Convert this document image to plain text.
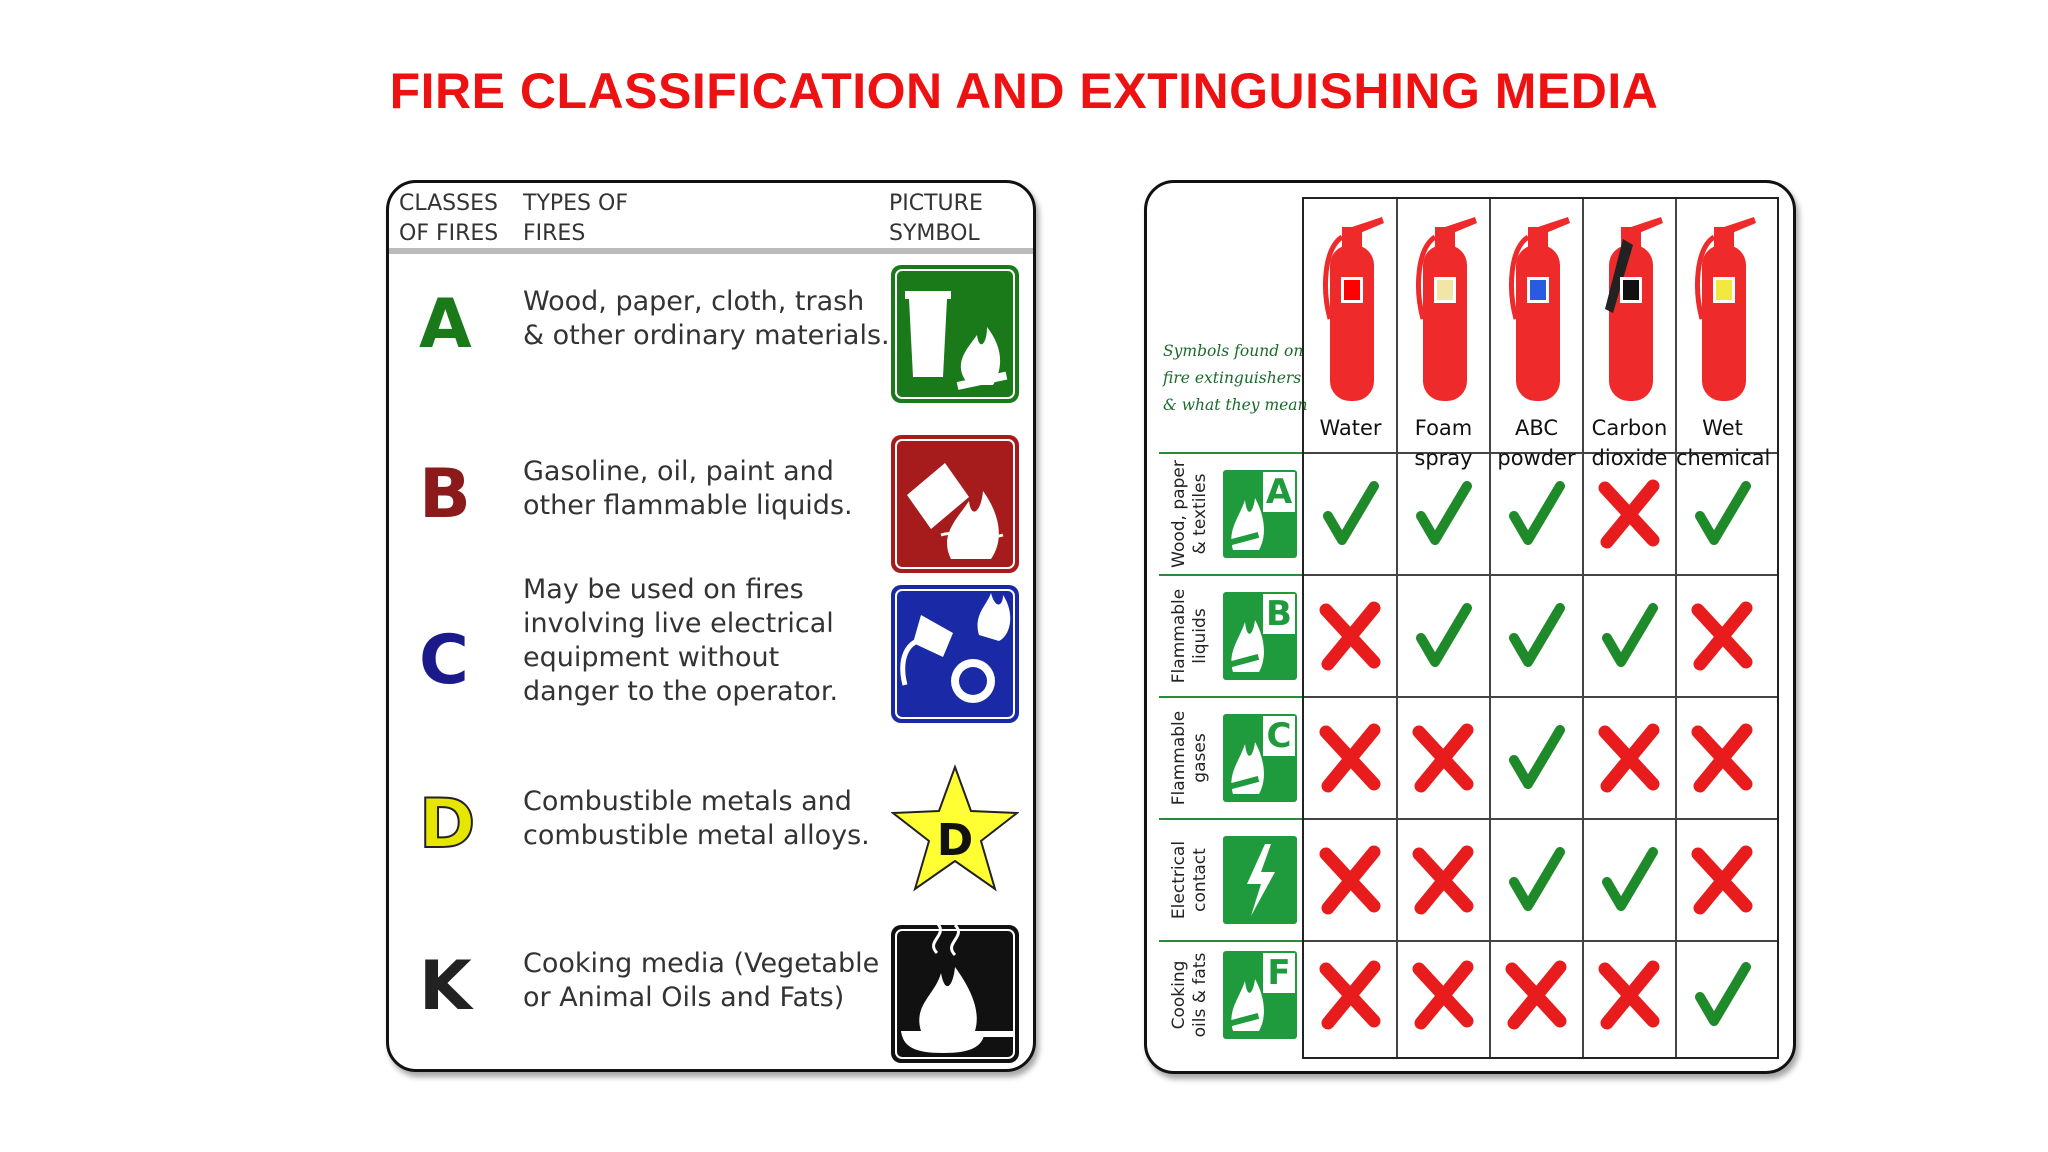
FIRE CLASSIFICATION AND EXTINGUISHING MEDIA
CLASSES
OF FIRES
TYPES OF
FIRES
PICTURE
SYMBOL
A Wood, paper, cloth, trash
& other ordinary materials.
B Gasoline, oil, paint and
other flammable liquids.
C
May be used on fires
involving live electrical
equipment without
danger to the operator.
D Combustible metals and
combustible metal alloys.	D
K Cooking media (Vegetable
or Animal Oils and Fats)
Symbols found on
fire extinguishers
& what they mean
Water	Foam
spray
ABC
powder
Carbon
dioxide
Wet
chemical
Wood, paper & textiles A
Flammable liquids B
Flammable gases C
Electrical contact
Cooking oils & fats F
